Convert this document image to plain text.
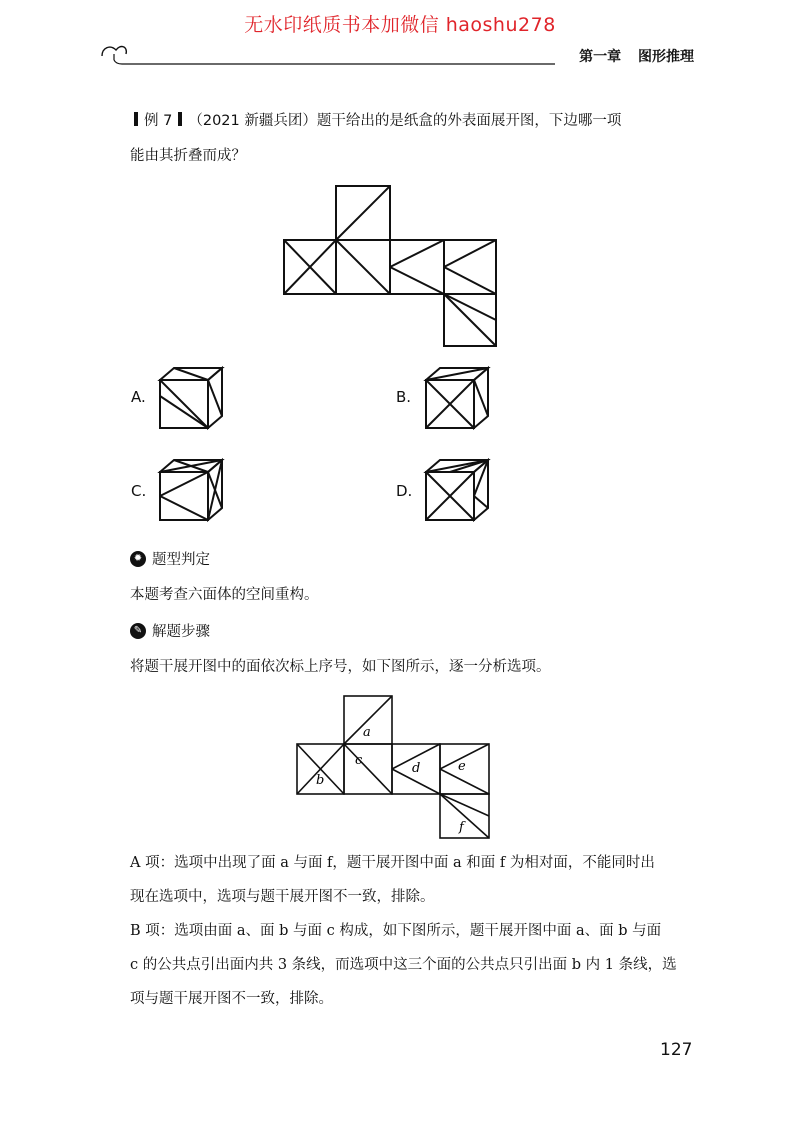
无水印纸质书本加微信 haoshu278
第一章 图形推理
例 7 （2021 新疆兵团）题干给出的是纸盒的外表面展开图，下边哪一项
能由其折叠而成？
A.	B.
C.	D.
✹ 题型判定
本题考查六面体的空间重构。
✎ 解题步骤
将题干展开图中的面依次标上序号，如下图所示，逐一分析选项。
a
b
c
d	e
f
A 项：选项中出现了面 a 与面 f，题干展开图中面 a 和面 f 为相对面，不能同时出
现在选项中，选项与题干展开图不一致，排除。
B 项：选项由面 a、面 b 与面 c 构成，如下图所示，题干展开图中面 a、面 b 与面
c 的公共点引出面内共 3 条线，而选项中这三个面的公共点只引出面 b 内 1 条线，选
项与题干展开图不一致，排除。
127
